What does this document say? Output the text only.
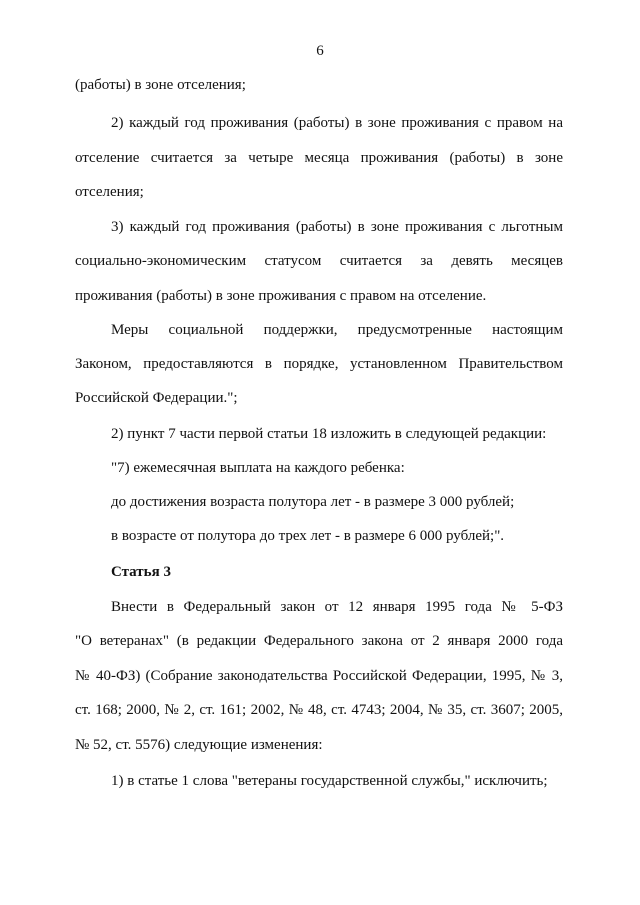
6
(работы) в зоне отселения;
2) каждый год проживания (работы) в зоне проживания с правом на
отселение считается за четыре месяца проживания (работы) в зоне
отселения;
3) каждый год проживания (работы) в зоне проживания с льготным
социально-экономическим статусом считается за девять месяцев
проживания (работы) в зоне проживания с правом на отселение.
Меры социальной поддержки, предусмотренные настоящим
Законом, предоставляются в порядке, установленном Правительством
Российской Федерации.";
2) пункт 7 части первой статьи 18 изложить в следующей редакции:
"7) ежемесячная выплата на каждого ребенка:
до достижения возраста полутора лет - в размере 3 000 рублей;
в возрасте от полутора до трех лет - в размере 6 000 рублей;".
Статья 3
Внести в Федеральный закон от 12 января 1995 года № 5-ФЗ
"О ветеранах" (в редакции Федерального закона от 2 января 2000 года
№ 40-ФЗ) (Собрание законодательства Российской Федерации, 1995, № 3,
ст. 168; 2000, № 2, ст. 161; 2002, № 48, ст. 4743; 2004, № 35, ст. 3607; 2005,
№ 52, ст. 5576) следующие изменения:
1) в статье 1 слова "ветераны государственной службы," исключить;
